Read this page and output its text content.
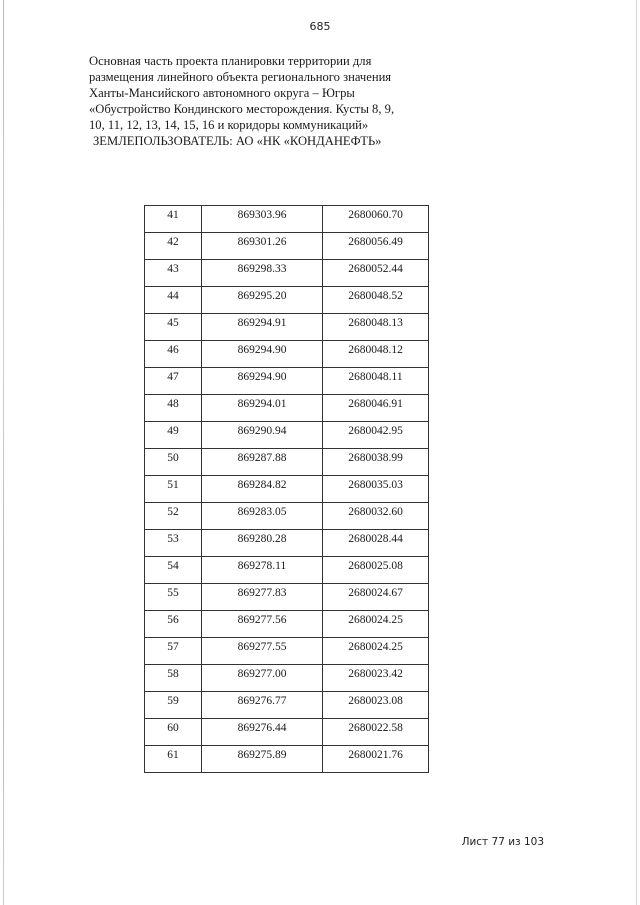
685
Основная часть проекта планировки территории для
размещения линейного объекта регионального значения
Ханты-Мансийского автономного округа – Югры
«Обустройство Кондинского месторождения. Кусты 8, 9,
10, 11, 12, 13, 14, 15, 16 и коридоры коммуникаций»
ЗЕМЛЕПОЛЬЗОВАТЕЛЬ: АО «НК «КОНДАНЕФТЬ»
41	869303.96	2680060.70

42	869301.26	2680056.49

43	869298.33	2680052.44

44	869295.20	2680048.52

45	869294.91	2680048.13

46	869294.90	2680048.12

47	869294.90	2680048.11

48	869294.01	2680046.91

49	869290.94	2680042.95

50	869287.88	2680038.99

51	869284.82	2680035.03

52	869283.05	2680032.60

53	869280.28	2680028.44

54	869278.11	2680025.08

55	869277.83	2680024.67

56	869277.56	2680024.25

57	869277.55	2680024.25

58	869277.00	2680023.42

59	869276.77	2680023.08

60	869276.44	2680022.58

61	869275.89	2680021.76
Лист 77 из 103
